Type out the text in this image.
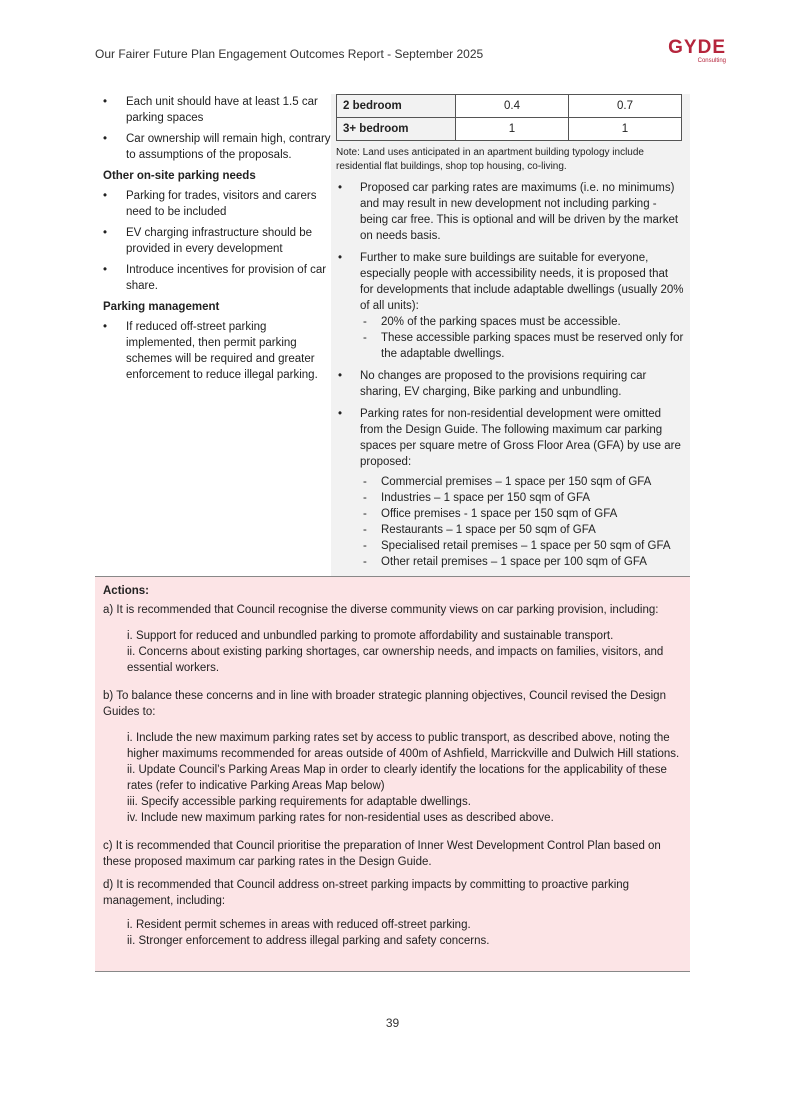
Our Fairer Future Plan Engagement Outcomes Report - September 2025	GYDE
Consulting
• Each unit should have at least 1.5 car parking spaces
• Car ownership will remain high, contrary to assumptions of the proposals.
Other on-site parking needs
• Parking for trades, visitors and carers need to be included
• EV charging infrastructure should be provided in every development
• Introduce incentives for provision of car share.
Parking management
• If reduced off-street parking implemented, then permit parking schemes will be required and greater enforcement to reduce illegal parking.
2 bedroom	0.4	0.7
3+ bedroom	1	1
Note: Land uses anticipated in an apartment building typology include residential flat buildings, shop top housing, co-living.
• Proposed car parking rates are maximums (i.e. no minimums) and may result in new development not including parking - being car free. This is optional and will be driven by the market on needs basis.
• Further to make sure buildings are suitable for everyone, especially people with accessibility needs, it is proposed that for developments that include adaptable dwellings (usually 20% of all units):
- 20% of the parking spaces must be accessible.
- These accessible parking spaces must be reserved only for the adaptable dwellings.
• No changes are proposed to the provisions requiring car sharing, EV charging, Bike parking and unbundling.
• Parking rates for non-residential development were omitted from the Design Guide. The following maximum car parking spaces per square metre of Gross Floor Area (GFA) by use are proposed:
- Commercial premises – 1 space per 150 sqm of GFA
- Industries – 1 space per 150 sqm of GFA
- Office premises - 1 space per 150 sqm of GFA
- Restaurants – 1 space per 50 sqm of GFA
- Specialised retail premises – 1 space per 50 sqm of GFA
- Other retail premises – 1 space per 100 sqm of GFA
Actions:
a) It is recommended that Council recognise the diverse community views on car parking provision, including:
i. Support for reduced and unbundled parking to promote affordability and sustainable transport.
ii. Concerns about existing parking shortages, car ownership needs, and impacts on families, visitors, and essential workers.
b) To balance these concerns and in line with broader strategic planning objectives, Council revised the Design Guides to:
i. Include the new maximum parking rates set by access to public transport, as described above, noting the higher maximums recommended for areas outside of 400m of Ashfield, Marrickville and Dulwich Hill stations.
ii. Update Council’s Parking Areas Map in order to clearly identify the locations for the applicability of these rates (refer to indicative Parking Areas Map below)
iii. Specify accessible parking requirements for adaptable dwellings.
iv. Include new maximum parking rates for non-residential uses as described above.
c) It is recommended that Council prioritise the preparation of Inner West Development Control Plan based on these proposed maximum car parking rates in the Design Guide.
d) It is recommended that Council address on-street parking impacts by committing to proactive parking management, including:
i. Resident permit schemes in areas with reduced off-street parking.
ii. Stronger enforcement to address illegal parking and safety concerns.
39
